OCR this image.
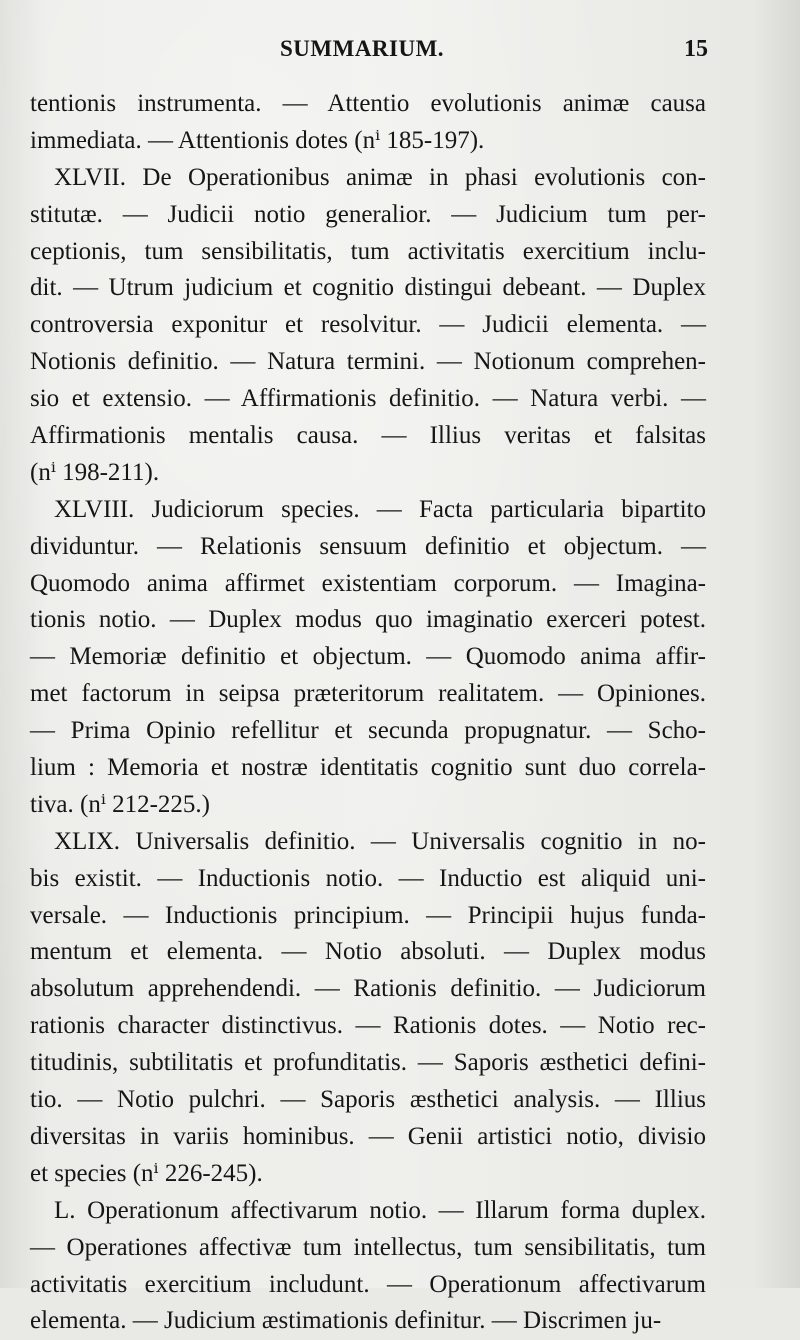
SUMMARIUM.	15
tentionis instrumenta. — Attentio evolutionis animæ causa
immediata. — Attentionis dotes (nⁱ 185-197).
XLVII. De Operationibus animæ in phasi evolutionis con-
stitutæ. — Judicii notio generalior. — Judicium tum per-
ceptionis, tum sensibilitatis, tum activitatis exercitium inclu-
dit. — Utrum judicium et cognitio distingui debeant. — Duplex
controversia exponitur et resolvitur. — Judicii elementa. —
Notionis definitio. — Natura termini. — Notionum comprehen-
sio et extensio. — Affirmationis definitio. — Natura verbi. —
Affirmationis mentalis causa. — Illius veritas et falsitas
(nⁱ 198-211).
XLVIII. Judiciorum species. — Facta particularia bipartito
dividuntur. — Relationis sensuum definitio et objectum. —
Quomodo anima affirmet existentiam corporum. — Imagina-
tionis notio. — Duplex modus quo imaginatio exerceri potest.
— Memoriæ definitio et objectum. — Quomodo anima affir-
met factorum in seipsa præteritorum realitatem. — Opiniones.
— Prima Opinio refellitur et secunda propugnatur. — Scho-
lium : Memoria et nostræ identitatis cognitio sunt duo correla-
tiva. (nⁱ 212-225.)
XLIX. Universalis definitio. — Universalis cognitio in no-
bis existit. — Inductionis notio. — Inductio est aliquid uni-
versale. — Inductionis principium. — Principii hujus funda-
mentum et elementa. — Notio absoluti. — Duplex modus
absolutum apprehendendi. — Rationis definitio. — Judiciorum
rationis character distinctivus. — Rationis dotes. — Notio rec-
titudinis, subtilitatis et profunditatis. — Saporis æsthetici defini-
tio. — Notio pulchri. — Saporis æsthetici analysis. — Illius
diversitas in variis hominibus. — Genii artistici notio, divisio
et species (nⁱ 226-245).
L. Operationum affectivarum notio. — Illarum forma duplex.
— Operationes affectivæ tum intellectus, tum sensibilitatis, tum
activitatis exercitium includunt. — Operationum affectivarum
elementa. — Judicium æstimationis definitur. — Discrimen ju-
